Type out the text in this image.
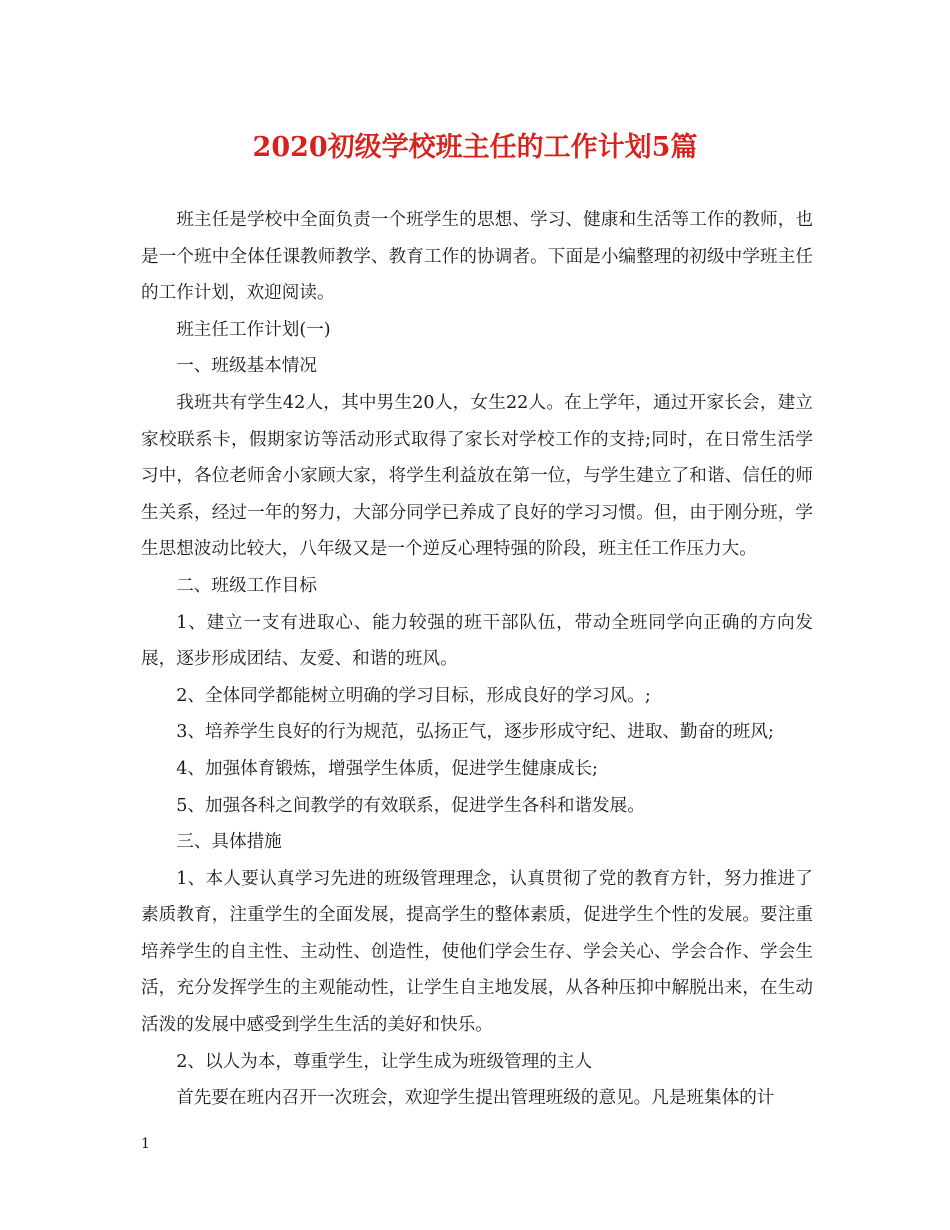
2020初级学校班主任的工作计划5篇

班主任是学校中全面负责一个班学生的思想、学习、健康和生活等工作的教师，也是一个班中全体任课教师教学、教育工作的协调者。下面是小编整理的初级中学班主任的工作计划，欢迎阅读。

班主任工作计划(一)

一、班级基本情况

我班共有学生42人，其中男生20人，女生22人。在上学年，通过开家长会，建立家校联系卡，假期家访等活动形式取得了家长对学校工作的支持;同时，在日常生活学习中，各位老师舍小家顾大家，将学生利益放在第一位，与学生建立了和谐、信任的师生关系，经过一年的努力，大部分同学已养成了良好的学习习惯。但，由于刚分班，学生思想波动比较大，八年级又是一个逆反心理特强的阶段，班主任工作压力大。

二、班级工作目标

1、建立一支有进取心、能力较强的班干部队伍，带动全班同学向正确的方向发展，逐步形成团结、友爱、和谐的班风。

2、全体同学都能树立明确的学习目标，形成良好的学习风。;

3、培养学生良好的行为规范，弘扬正气，逐步形成守纪、进取、勤奋的班风;

4、加强体育锻炼，增强学生体质，促进学生健康成长;

5、加强各科之间教学的有效联系，促进学生各科和谐发展。

三、具体措施

1、本人要认真学习先进的班级管理理念，认真贯彻了党的教育方针，努力推进了素质教育，注重学生的全面发展，提高学生的整体素质，促进学生个性的发展。要注重培养学生的自主性、主动性、创造性，使他们学会生存、学会关心、学会合作、学会生活，充分发挥学生的主观能动性，让学生自主地发展，从各种压抑中解脱出来，在生动活泼的发展中感受到学生生活的美好和快乐。

2、以人为本，尊重学生，让学生成为班级管理的主人

首先要在班内召开一次班会，欢迎学生提出管理班级的意见。凡是班集体的计

1
